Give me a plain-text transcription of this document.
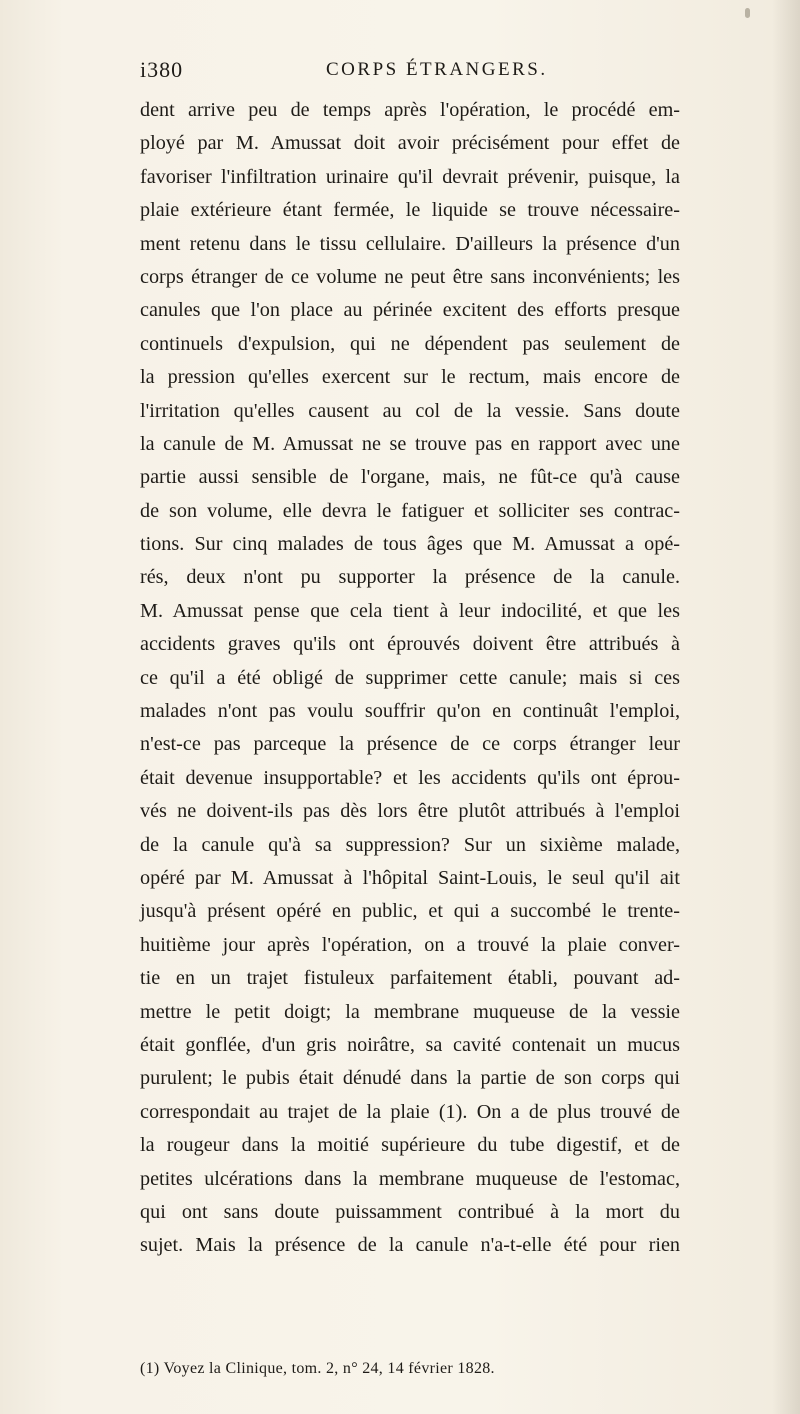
i380	CORPS ÉTRANGERS.
dent arrive peu de temps après l'opération, le procédé em-
ployé par M. Amussat doit avoir précisément pour effet de
favoriser l'infiltration urinaire qu'il devrait prévenir, puisque, la
plaie extérieure étant fermée, le liquide se trouve nécessaire-
ment retenu dans le tissu cellulaire. D'ailleurs la présence d'un
corps étranger de ce volume ne peut être sans inconvénients; les
canules que l'on place au périnée excitent des efforts presque
continuels d'expulsion, qui ne dépendent pas seulement de
la pression qu'elles exercent sur le rectum, mais encore de
l'irritation qu'elles causent au col de la vessie. Sans doute
la canule de M. Amussat ne se trouve pas en rapport avec une
partie aussi sensible de l'organe, mais, ne fût-ce qu'à cause
de son volume, elle devra le fatiguer et solliciter ses contrac-
tions. Sur cinq malades de tous âges que M. Amussat a opé-
rés, deux n'ont pu supporter la présence de la canule.
M. Amussat pense que cela tient à leur indocilité, et que les
accidents graves qu'ils ont éprouvés doivent être attribués à
ce qu'il a été obligé de supprimer cette canule; mais si ces
malades n'ont pas voulu souffrir qu'on en continuât l'emploi,
n'est-ce pas parceque la présence de ce corps étranger leur
était devenue insupportable? et les accidents qu'ils ont éprou-
vés ne doivent-ils pas dès lors être plutôt attribués à l'emploi
de la canule qu'à sa suppression? Sur un sixième malade,
opéré par M. Amussat à l'hôpital Saint-Louis, le seul qu'il ait
jusqu'à présent opéré en public, et qui a succombé le trente-
huitième jour après l'opération, on a trouvé la plaie conver-
tie en un trajet fistuleux parfaitement établi, pouvant ad-
mettre le petit doigt; la membrane muqueuse de la vessie
était gonflée, d'un gris noirâtre, sa cavité contenait un mucus
purulent; le pubis était dénudé dans la partie de son corps qui
correspondait au trajet de la plaie (1). On a de plus trouvé de
la rougeur dans la moitié supérieure du tube digestif, et de
petites ulcérations dans la membrane muqueuse de l'estomac,
qui ont sans doute puissamment contribué à la mort du
sujet. Mais la présence de la canule n'a-t-elle été pour rien
(1) Voyez la Clinique, tom. 2, n° 24, 14 février 1828.
